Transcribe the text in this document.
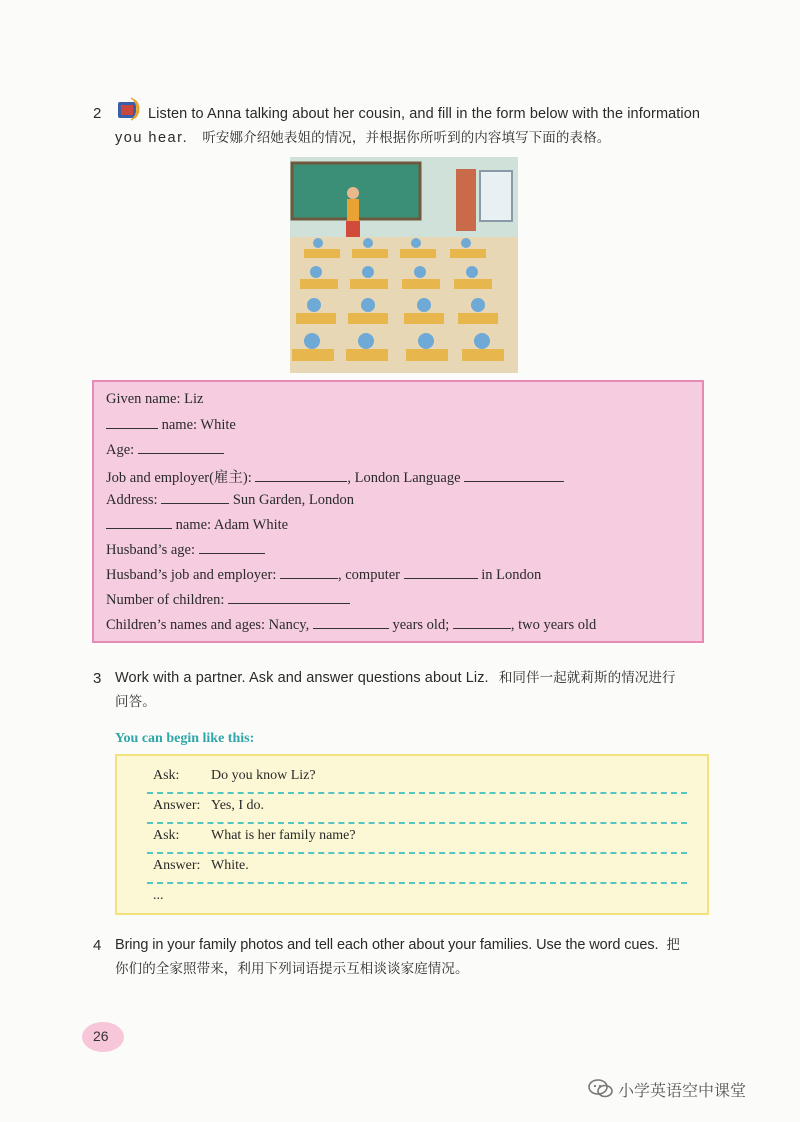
2	Listen to Anna talking about her cousin, and fill in the form below with the information
you hear. 听安娜介绍她表姐的情况，并根据你所听到的内容填写下面的表格。
Given name: Liz
name: White
Age:
Job and employer(雇主):	, London Language
Address:	Sun Garden, London
name: Adam White
Husband’s age:
Husband’s job and employer:	, computer	in London
Number of children:
Children’s names and ages: Nancy,	years old;	, two years old
3 Work with a partner. Ask and answer questions about Liz. 和同伴一起就莉斯的情况进行
问答。
You can begin like this:
Ask: Do you know Liz?
Answer: Yes, I do.
Ask: What is her family name?
Answer: White.
...
4 Bring in your family photos and tell each other about your families. Use the word cues. 把
你们的全家照带来，利用下列词语提示互相谈谈家庭情况。
26
小学英语空中课堂
